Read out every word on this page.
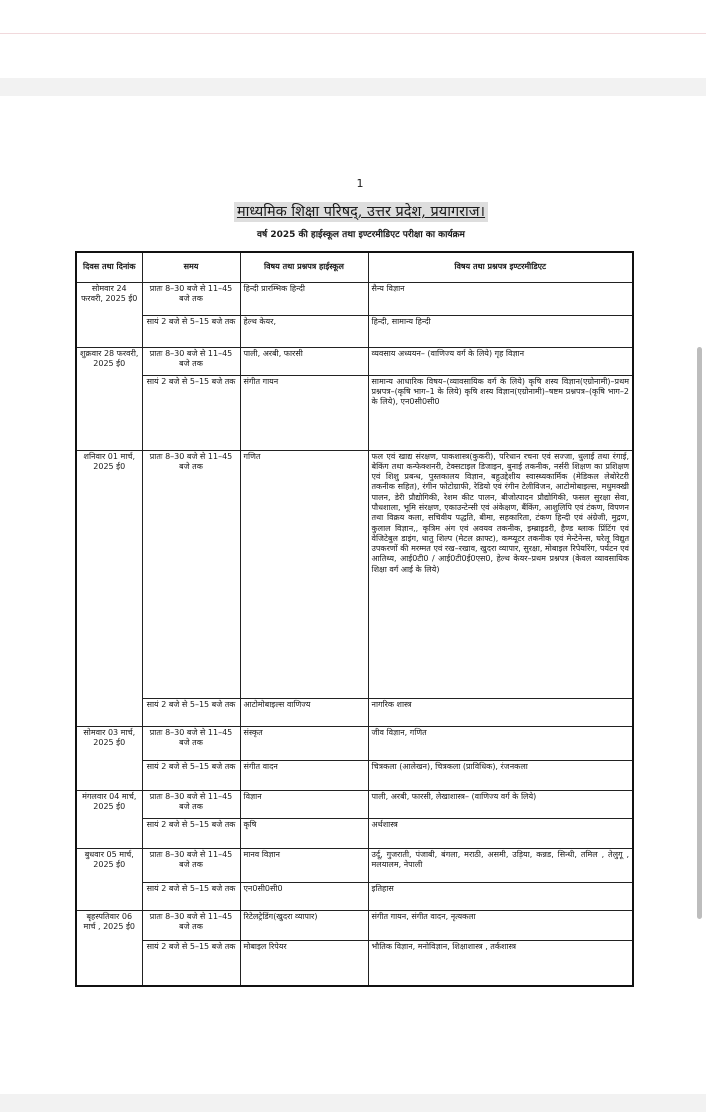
1
माध्यमिक शिक्षा परिषद्, उत्तर प्रदेश, प्रयागराज।
वर्ष 2025 की हाईस्कूल तथा इण्टरमीडिएट परीक्षा का कार्यक्रम
दिवस तथा दिनांक	समय	विषय तथा प्रश्नपत्र हाईस्कूल	विषय तथा प्रश्नपत्र इण्टरमीडिएट
सोमवार 24 फरवरी, 2025 ई0	प्रातः 8–30 बजे से 11–45 बजे तक	हिन्दी प्रारम्भिक हिन्दी	सैन्य विज्ञान
	सायं 2 बजे से 5–15 बजे तक	हेल्थ केयर,	हिन्दी, सामान्य हिन्दी
शुक्रवार 28 फरवरी, 2025 ई0	प्रातः 8–30 बजे से 11–45 बजे तक	पाली, अरबी, फारसी	व्यवसाय अध्ययन– (वाणिज्य वर्ग के लिये) गृह विज्ञान
	सायं 2 बजे से 5–15 बजे तक	संगीत गायन	सामान्य आधारिक विषय–(व्यावसायिक वर्ग के लिये) कृषि शस्य विज्ञान(एग्रोनामी)–प्रथम प्रश्नपत्र–(कृषि भाग–1 के लिये) कृषि शस्य विज्ञान(एग्रोनामी)–षष्टम प्रश्नपत्र–(कृषि भाग–2 के लिये), एन0सी0सी0
शनिवार 01 मार्च, 2025 ई0	प्रातः 8–30 बजे से 11–45 बजे तक	गणित	फल एवं खाद्य संरक्षण, पाकशास्त्र(कुकरी), परिधान रचना एवं सज्जा, धुलाई तथा रंगाई, बेकिंग तथा कन्फेक्शनरी, टेक्सटाइल डिजाइन, बुनाई तकनीक, नर्सरी शिक्षण का प्रशिक्षण एवं शिशु प्रबन्ध, पुस्तकालय विज्ञान, बहुउद्देशीय स्वास्थ्यकार्मिक (मेडिकल लेबोरेटरी तकनीक सहित), रंगीन फोटोग्राफी, रेडियो एवं रंगीन टेलीविजन, आटोमोबाइल्स, मधुमक्खी पालन, डेरी प्रौद्योगिकी, रेशम कीट पालन, बीजोत्पादन प्रौद्योगिकी, फसल सुरक्षा सेवा, पौधशाला, भूमि संरक्षण, एकाउन्टेन्सी एवं अंकेक्षण, बैंकिंग, आशुलिपि एवं टंकण, विपणन तथा विक्रय कला, सचिवीय पद्धति, बीमा, सहकारिता, टंकण हिन्दी एवं अंग्रेजी, मुद्रण, कुलाल विज्ञान,, कृत्रिम अंग एवं अवयव तकनीक, इम्ब्राइडरी, हैण्ड ब्लाक प्रिंटिंग एवं वेजिटेबुल डाइंग, धातु शिल्प (मेटल क्राफ्ट), कम्प्यूटर तकनीक एवं मेन्टेनेन्स, घरेलू विद्युत उपकरणों की मरम्मत एवं रख–रखाव, खुदरा व्यापार, सुरक्षा, मोबाइल रिपेयरिंग, पर्यटन एवं आतिथ्य, आई0टी0 / आई0टी0ई0एस0, हेल्थ केयर–प्रथम प्रश्नपत्र (केवल व्यावसायिक शिक्षा वर्ग आई के लिये)
	सायं 2 बजे से 5–15 बजे तक	आटोमोबाइल्स वाणिज्य	नागरिक शास्त्र
सोमवार 03 मार्च, 2025 ई0	प्रातः 8–30 बजे से 11–45 बजे तक	संस्कृत	जीव विज्ञान, गणित
	सायं 2 बजे से 5–15 बजे तक	संगीत वादन	चित्रकला (आलेखन), चित्रकला (प्राविधिक), रंजनकला
मंगलवार 04 मार्च, 2025 ई0	प्रातः 8–30 बजे से 11–45 बजे तक	विज्ञान	पाली, अरबी, फारसी, लेखाशास्त्र– (वाणिज्य वर्ग के लिये)
	सायं 2 बजे से 5–15 बजे तक	कृषि	अर्थशास्त्र
बुधवार 05 मार्च, 2025 ई0	प्रातः 8–30 बजे से 11–45 बजे तक	मानव विज्ञान	उर्दू, गुजराती, पंजाबी, बंगला, मराठी, असमी, उड़िया, कन्नड, सिन्धी, तमिल , तेलुगू , मलयालम, नेपाली
	सायं 2 बजे से 5–15 बजे तक	एन0सी0सी0	इतिहास
बृहस्पतिवार 06 मार्च , 2025 ई0	प्रातः 8–30 बजे से 11–45 बजे तक	रिटेलट्रेडिंग(खुदरा व्यापार)	संगीत गायन, संगीत वादन, नृत्यकला
	सायं 2 बजे से 5–15 बजे तक	मोबाइल रिपेयर	भौतिक विज्ञान, मनोविज्ञान, शिक्षाशास्त्र , तर्कशास्त्र
